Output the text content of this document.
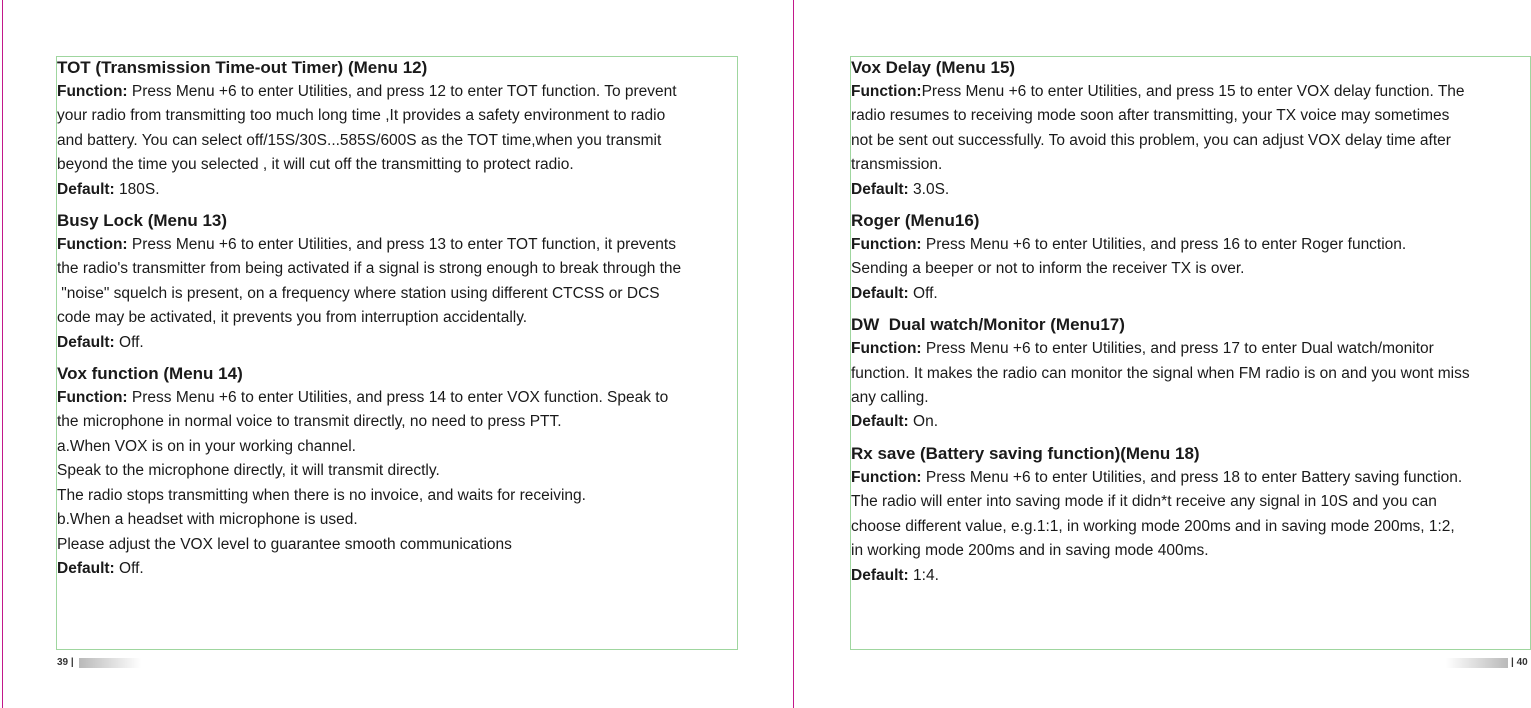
TOT (Transmission Time-out Timer) (Menu 12)

Function: Press Menu +6 to enter Utilities, and press 12 to enter TOT function. To prevent

your radio from transmitting too much long time ,It provides a safety environment to radio

and battery. You can select off/15S/30S...585S/600S as the TOT time,when you transmit

beyond the time you selected , it will cut off the transmitting to protect radio.

Default: 180S.

Busy Lock (Menu 13)

Function: Press Menu +6 to enter Utilities, and press 13 to enter TOT function, it prevents

the radio's transmitter from being activated if a signal is strong enough to break through the

"noise" squelch is present, on a frequency where station using different CTCSS or DCS

code may be activated, it prevents you from interruption accidentally.

Default: Off.

Vox function (Menu 14)

Function: Press Menu +6 to enter Utilities, and press 14 to enter VOX function. Speak to

the microphone in normal voice to transmit directly, no need to press PTT.

a.When VOX is on in your working channel.

Speak to the microphone directly, it will transmit directly.

The radio stops transmitting when there is no invoice, and waits for receiving.

b.When a headset with microphone is used.

Please adjust the VOX level to guarantee smooth communications

Default: Off.

Vox Delay (Menu 15)

Function:Press Menu +6 to enter Utilities, and press 15 to enter VOX delay function. The

radio resumes to receiving mode soon after transmitting, your TX voice may sometimes

not be sent out successfully. To avoid this problem, you can adjust VOX delay time after

transmission.

Default: 3.0S.

Roger (Menu16)

Function: Press Menu +6 to enter Utilities, and press 16 to enter Roger function.

Sending a beeper or not to inform the receiver TX is over.

Default: Off.

DW  Dual watch/Monitor (Menu17)

Function: Press Menu +6 to enter Utilities, and press 17 to enter Dual watch/monitor

function. It makes the radio can monitor the signal when FM radio is on and you wont miss

any calling.

Default: On.

Rx save (Battery saving function)(Menu 18)

Function: Press Menu +6 to enter Utilities, and press 18 to enter Battery saving function.

The radio will enter into saving mode if it didn*t receive any signal in 10S and you can

choose different value, e.g.1:1, in working mode 200ms and in saving mode 200ms, 1:2,

in working mode 200ms and in saving mode 400ms.

Default: 1:4.

39 |	| 40
